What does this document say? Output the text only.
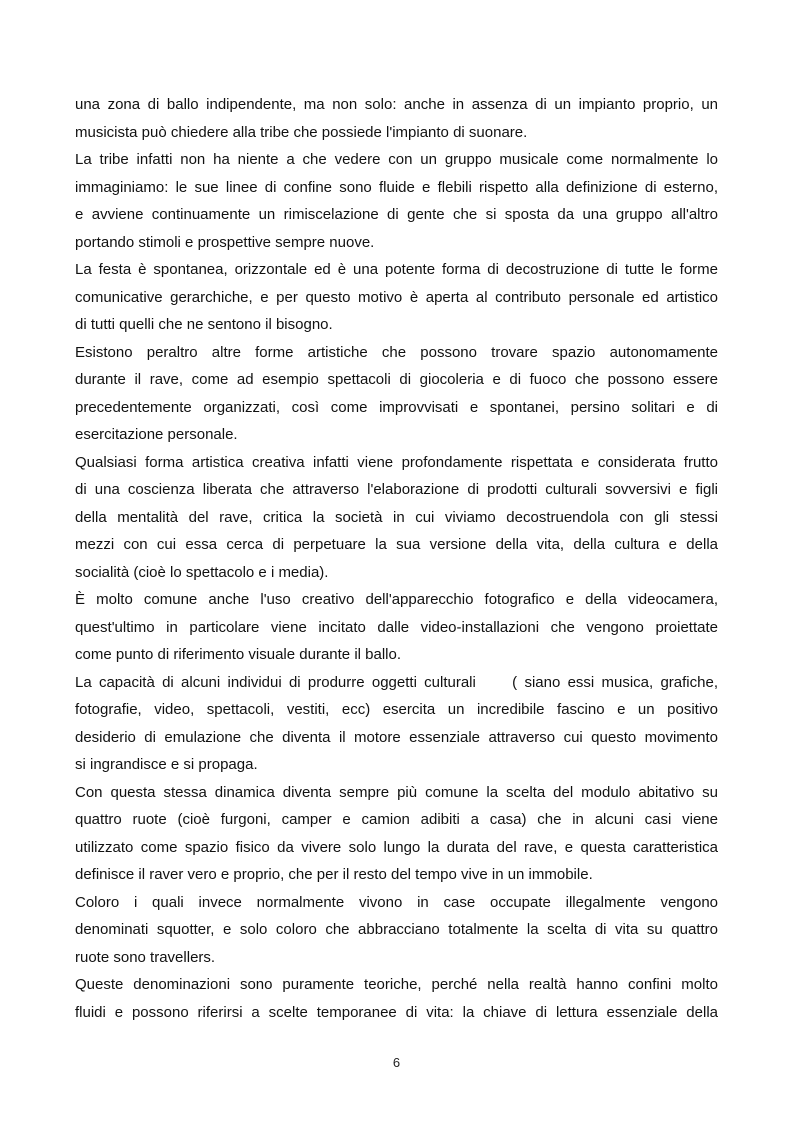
una zona di ballo indipendente, ma non solo: anche in assenza di un impianto proprio, un
musicista può chiedere alla tribe che possiede l'impianto di suonare.
La tribe infatti non ha niente a che vedere con un gruppo musicale come normalmente lo
immaginiamo: le sue linee di confine sono fluide e flebili rispetto alla definizione di esterno,
e avviene continuamente un rimiscelazione di gente che si sposta da una gruppo all'altro
portando stimoli e prospettive sempre nuove.
La festa è spontanea, orizzontale ed è una potente forma di decostruzione di tutte le forme
comunicative gerarchiche, e per questo motivo è aperta al contributo personale ed artistico
di tutti quelli che ne sentono il bisogno.
Esistono peraltro altre forme artistiche che possono trovare spazio autonomamente
durante il rave, come ad esempio spettacoli di giocoleria e di fuoco che possono essere
precedentemente organizzati, così come improvvisati e spontanei, persino solitari e di
esercitazione personale.
Qualsiasi forma artistica creativa infatti viene profondamente rispettata e considerata frutto
di una coscienza liberata che attraverso l'elaborazione di prodotti culturali sovversivi e figli
della mentalità del rave, critica la società in cui viviamo decostruendola con gli stessi
mezzi con cui essa cerca di perpetuare la sua versione della vita, della cultura e della
socialità (cioè lo spettacolo e i media).
È molto comune anche l'uso creativo dell'apparecchio fotografico e della videocamera,
quest'ultimo in particolare viene incitato dalle video-installazioni che vengono proiettate
come punto di riferimento visuale durante il ballo.
La capacità di alcuni individui di produrre oggetti culturali     ( siano essi musica, grafiche,
fotografie, video, spettacoli, vestiti, ecc) esercita un incredibile fascino e un positivo
desiderio di emulazione che diventa il motore essenziale attraverso cui questo movimento
si ingrandisce e si propaga.
Con questa stessa dinamica diventa sempre più comune la scelta del modulo abitativo su
quattro ruote (cioè furgoni, camper e camion adibiti a casa) che in alcuni casi viene
utilizzato come spazio fisico da vivere solo lungo la durata del rave, e questa caratteristica
definisce il raver vero e proprio, che per il resto del tempo vive in un immobile.
Coloro i quali invece normalmente vivono in case occupate illegalmente vengono
denominati squotter, e solo coloro che abbracciano totalmente la scelta di vita su quattro
ruote sono travellers.
Queste denominazioni sono puramente teoriche, perché nella realtà hanno confini molto
fluidi e possono riferirsi a scelte temporanee di vita: la chiave di lettura essenziale della
6
